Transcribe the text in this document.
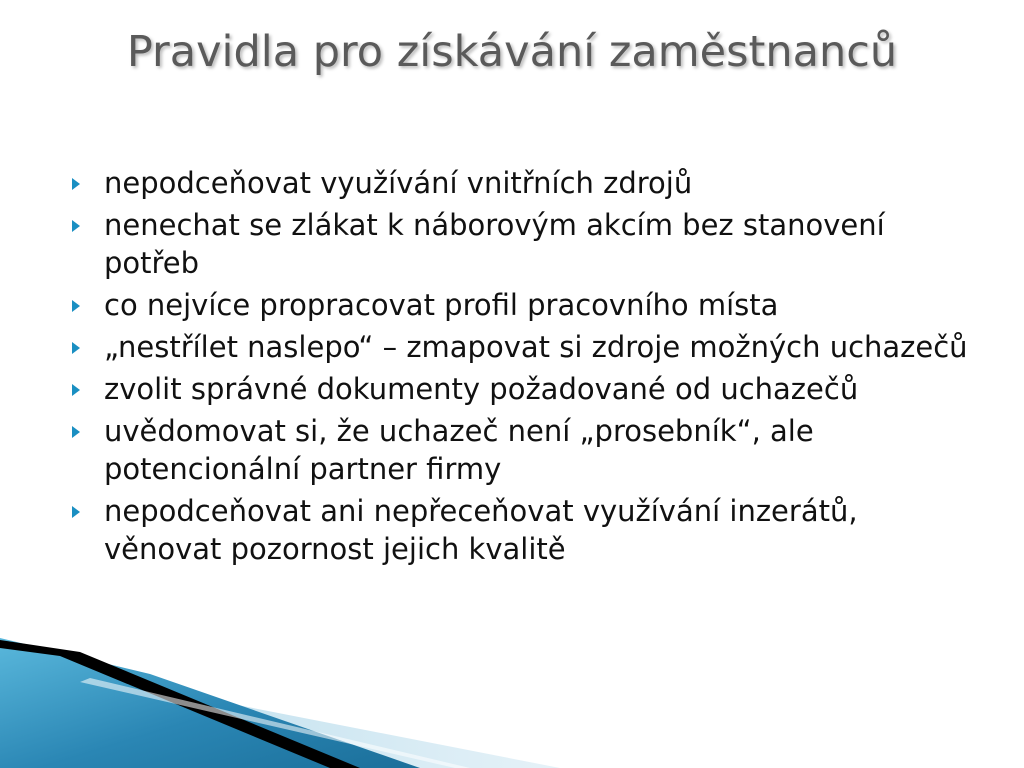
Pravidla pro získávání zaměstnanců
nepodceňovat využívání vnitřních zdrojů
nenechat se zlákat k náborovým akcím bez stanovení potřeb
co nejvíce propracovat profil pracovního místa
„nestřílet naslepo“ – zmapovat si zdroje možných uchazečů
zvolit správné dokumenty požadované od uchazečů
uvědomovat si, že uchazeč není „prosebník“, ale potencionální partner firmy
nepodceňovat ani nepřeceňovat využívání inzerátů, věnovat pozornost jejich kvalitě
